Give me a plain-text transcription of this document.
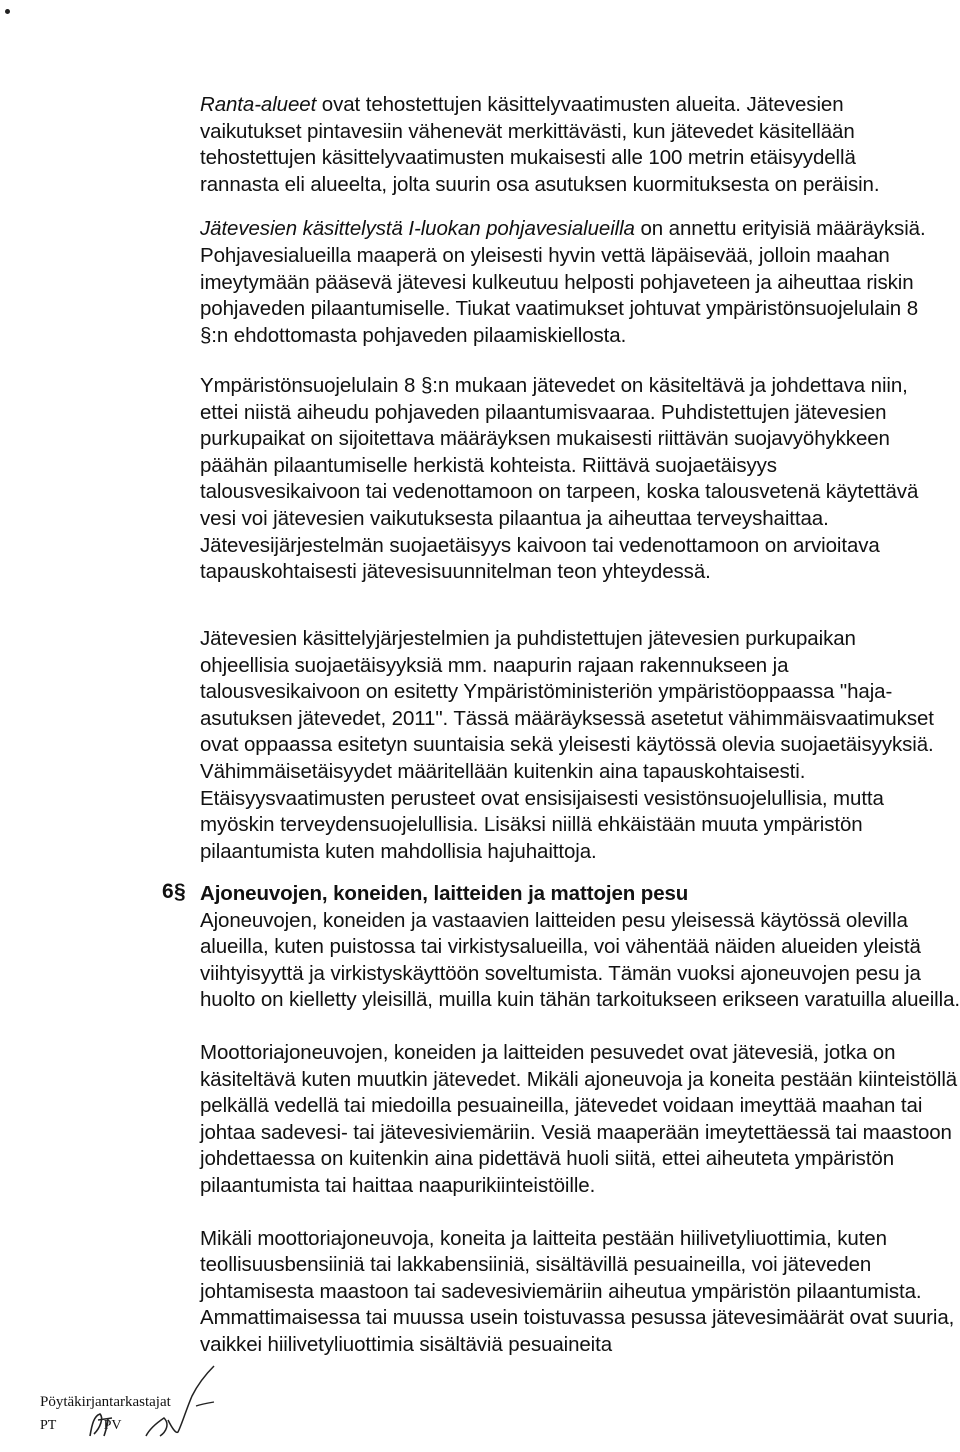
Ranta-alueet ovat tehostettujen käsittelyvaatimusten alueita. Jätevesien vaikutukset pintavesiin vähenevät merkittävästi, kun jätevedet käsitellään tehostettujen käsittelyvaatimusten mukaisesti alle 100 metrin etäisyydellä rannasta eli alueelta, jolta suurin osa asutuksen kuormituksesta on peräisin.

Jätevesien käsittelystä I-luokan pohjavesialueilla on annettu erityisiä määräyksiä. Pohjavesialueilla maaperä on yleisesti hyvin vettä läpäisevää, jolloin maahan imeytymään pääsevä jätevesi kulkeutuu helposti pohjaveteen ja aiheuttaa riskin pohjaveden pilaantumiselle. Tiukat vaatimukset johtuvat ympäristönsuojelulain 8 §:n ehdottomasta pohjaveden pilaamiskiellosta.

Ympäristönsuojelulain 8 §:n mukaan jätevedet on käsiteltävä ja johdettava niin, ettei niistä aiheudu pohjaveden pilaantumisvaaraa. Puhdistettujen jätevesien purkupaikat on sijoitettava määräyksen mukaisesti riittävän suojavyöhykkeen päähän pilaantumiselle herkistä kohteista. Riittävä suojaetäisyys talousvesikaivoon tai vedenottamoon on tarpeen, koska talousvetenä käytettävä vesi voi jätevesien vaikutuksesta pilaantua ja aiheuttaa terveyshaittaa. Jätevesijärjestelmän suojaetäisyys kaivoon tai vedenottamoon on arvioitava tapauskohtaisesti jätevesisuunnitelman teon yhteydessä.

Jätevesien käsittelyjärjestelmien ja puhdistettujen jätevesien purkupaikan ohjeellisia suojaetäisyyksiä mm. naapurin rajaan rakennukseen ja talousvesikaivoon on esitetty Ympäristöministeriön ympäristöoppaassa "haja-asutuksen jätevedet, 2011". Tässä määräyksessä asetetut vähimmäisvaatimukset ovat oppaassa esitetyn suuntaisia sekä yleisesti käytössä olevia suojaetäisyyksiä. Vähimmäisetäisyydet määritellään kuitenkin aina tapauskohtaisesti. Etäisyysvaatimusten perusteet ovat ensisijaisesti vesistönsuojelullisia, mutta myöskin terveydensuojelullisia. Lisäksi niillä ehkäistään muuta ympäristön pilaantumista kuten mahdollisia hajuhaittoja.

6 § Ajoneuvojen, koneiden, laitteiden ja mattojen pesu

Ajoneuvojen, koneiden ja vastaavien laitteiden pesu yleisessä käytössä olevilla alueilla, kuten puistossa tai virkistysalueilla, voi vähentää näiden alueiden yleistä viihtyisyyttä ja virkistyskäyttöön soveltumista. Tämän vuoksi ajoneuvojen pesu ja huolto on kielletty yleisillä, muilla kuin tähän tarkoitukseen erikseen varatuilla alueilla.

Moottoriajoneuvojen, koneiden ja laitteiden pesuvedet ovat jätevesiä, jotka on käsiteltävä kuten muutkin jätevedet. Mikäli ajoneuvoja ja koneita pestään kiinteistöllä pelkällä vedellä tai miedoilla pesuaineilla, jätevedet voidaan imeyttää maahan tai johtaa sadevesi- tai jätevesiviemäriin. Vesiä maaperään imeytettäessä tai maastoon johdettaessa on kuitenkin aina pidettävä huoli siitä, ettei aiheuteta ympäristön pilaantumista tai haittaa naapurikiinteistöille.

Mikäli moottoriajoneuvoja, koneita ja laitteita pestään hiilivetyliuottimia, kuten teollisuusbensiiniä tai lakkabensiiniä, sisältävillä pesuaineilla, voi jätevеden johtamisesta maastoon tai sadevesiviemäriin aiheutua ympäristön pilaantumista. Ammattimaisessa tai muussa usein toistuvassa pesussa jätevesimäärät ovat suuria, vaikkei hiilivetyliuottimia sisältäviä pesuaineita

Pöytäkirjantarkastajat
PT	PV
